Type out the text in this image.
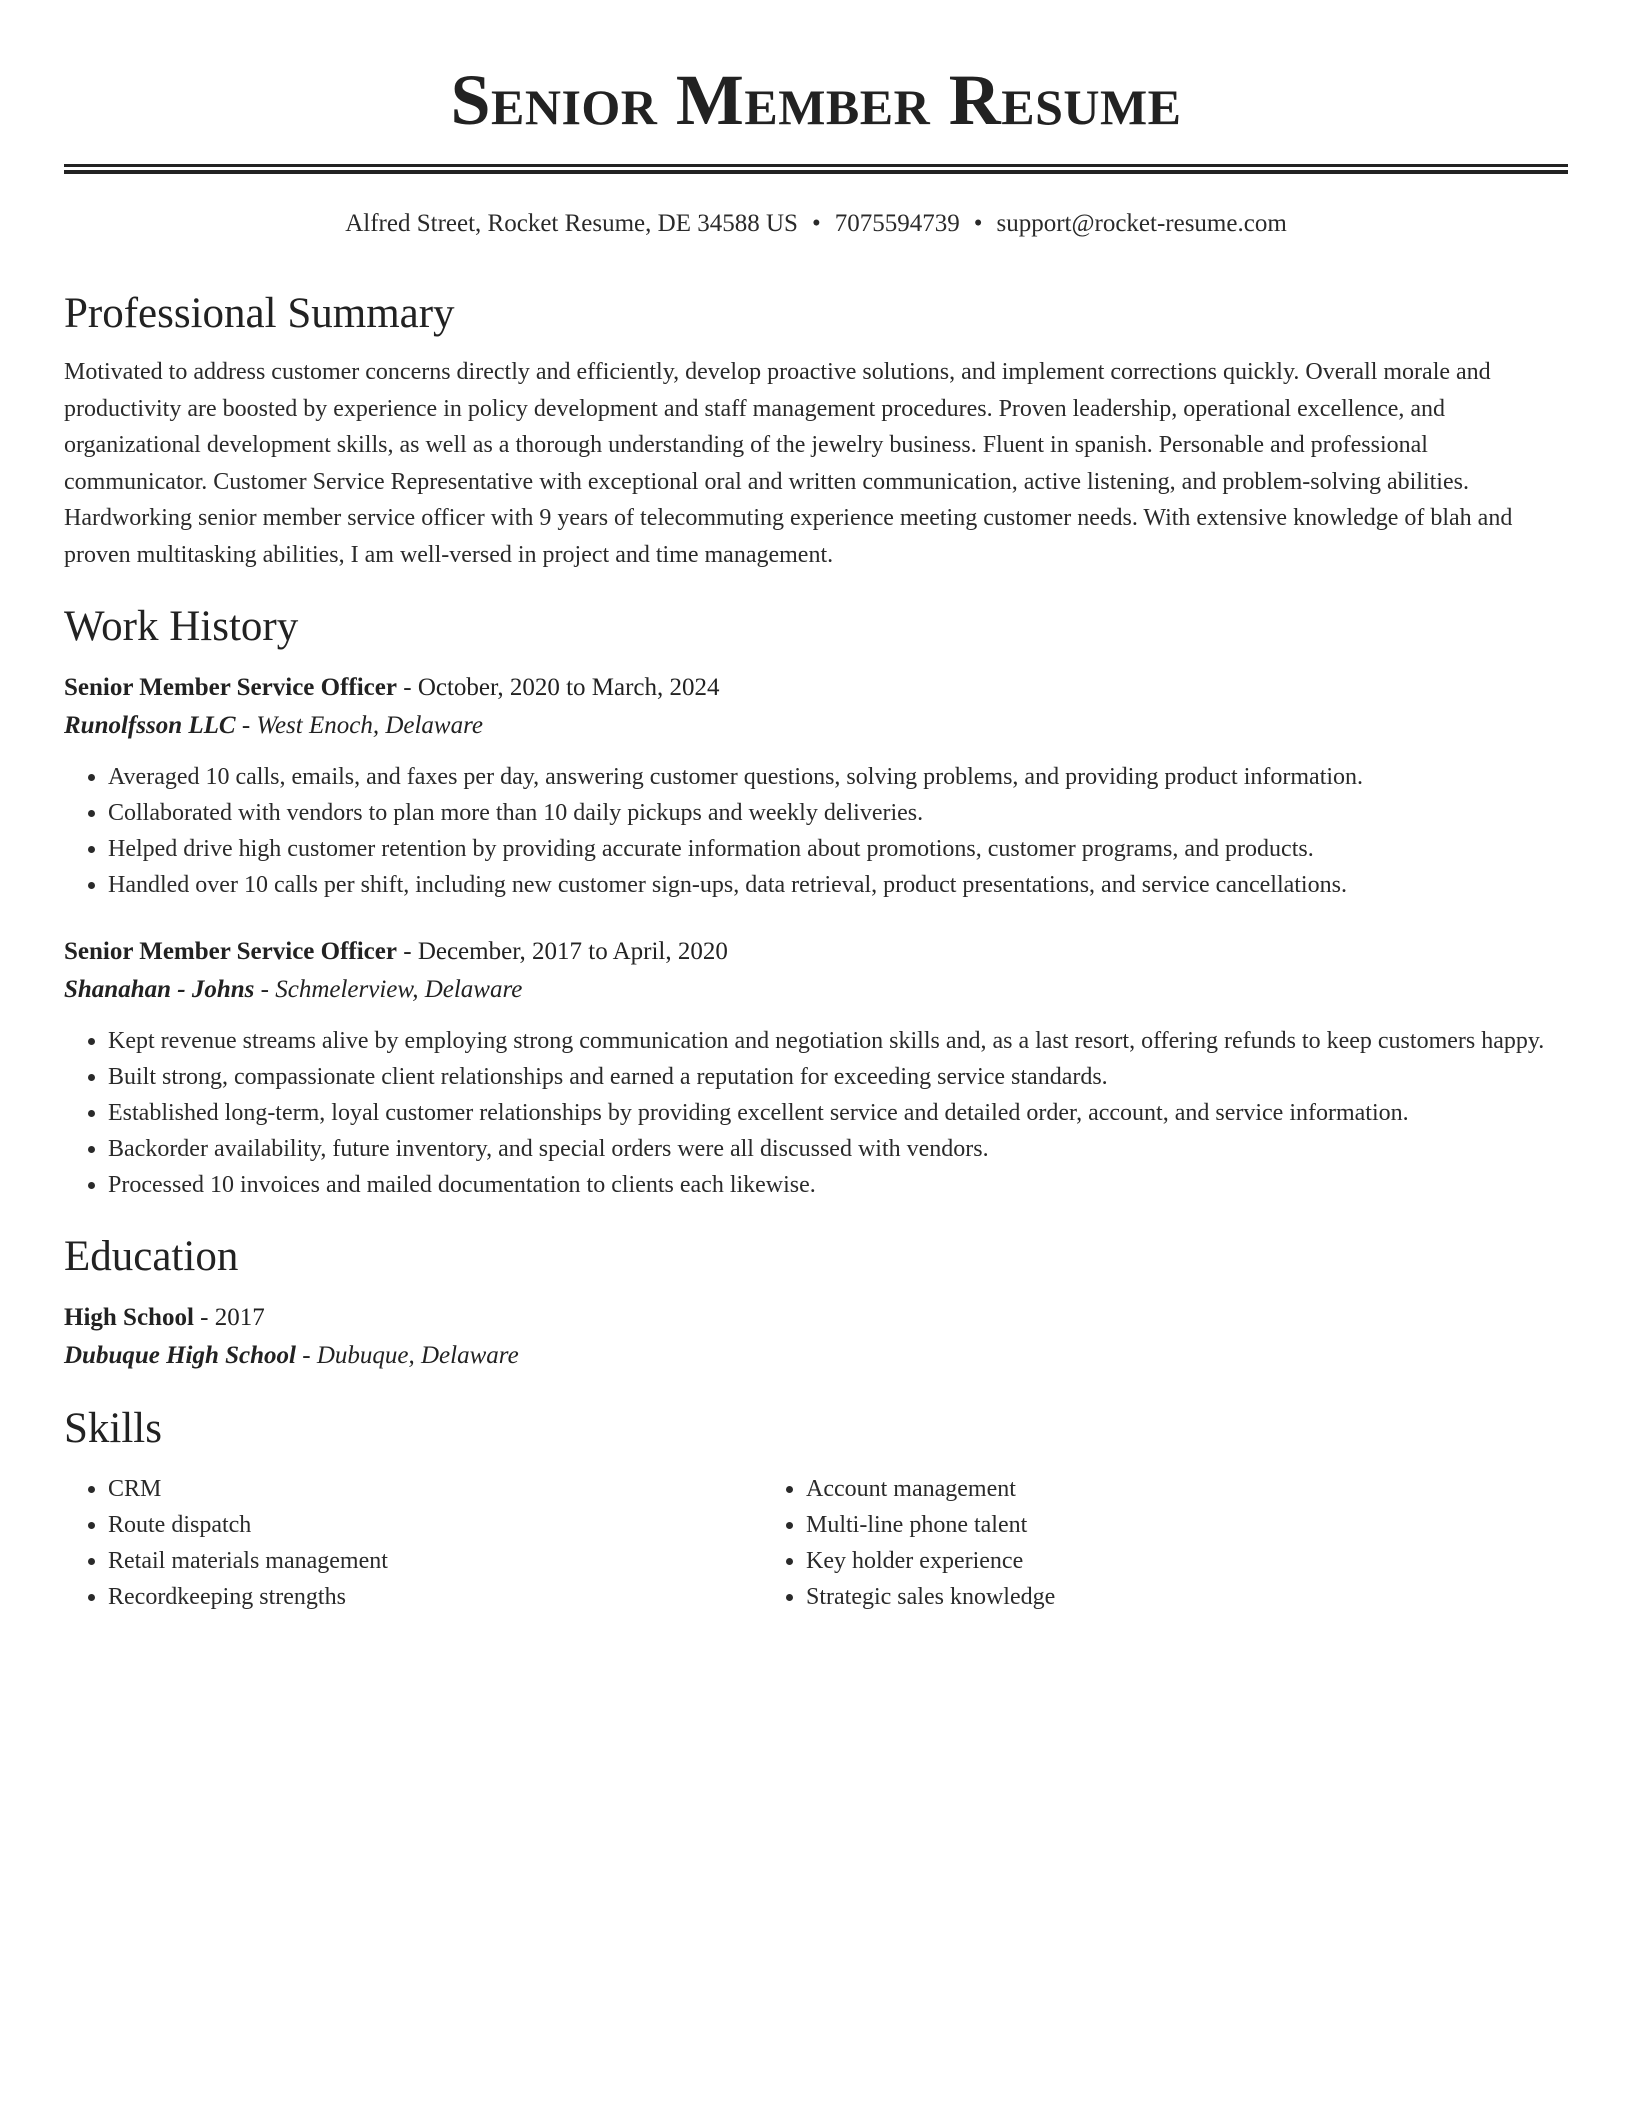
Senior Member Resume
Alfred Street, Rocket Resume, DE 34588 US • 7075594739 • support@rocket-resume.com
Professional Summary
Motivated to address customer concerns directly and efficiently, develop proactive solutions, and implement corrections quickly. Overall morale and productivity are boosted by experience in policy development and staff management procedures. Proven leadership, operational excellence, and organizational development skills, as well as a thorough understanding of the jewelry business. Fluent in spanish. Personable and professional communicator. Customer Service Representative with exceptional oral and written communication, active listening, and problem-solving abilities. Hardworking senior member service officer with 9 years of telecommuting experience meeting customer needs. With extensive knowledge of blah and proven multitasking abilities, I am well-versed in project and time management.
Work History
Senior Member Service Officer - October, 2020 to March, 2024
Runolfsson LLC - West Enoch, Delaware
• Averaged 10 calls, emails, and faxes per day, answering customer questions, solving problems, and providing product information.
• Collaborated with vendors to plan more than 10 daily pickups and weekly deliveries.
• Helped drive high customer retention by providing accurate information about promotions, customer programs, and products.
• Handled over 10 calls per shift, including new customer sign-ups, data retrieval, product presentations, and service cancellations.
Senior Member Service Officer - December, 2017 to April, 2020
Shanahan - Johns - Schmelerview, Delaware
• Kept revenue streams alive by employing strong communication and negotiation skills and, as a last resort, offering refunds to keep customers happy.
• Built strong, compassionate client relationships and earned a reputation for exceeding service standards.
• Established long-term, loyal customer relationships by providing excellent service and detailed order, account, and service information.
• Backorder availability, future inventory, and special orders were all discussed with vendors.
• Processed 10 invoices and mailed documentation to clients each likewise.
Education
High School - 2017
Dubuque High School - Dubuque, Delaware
Skills
• CRM
• Route dispatch
• Retail materials management
• Recordkeeping strengths
• Account management
• Multi-line phone talent
• Key holder experience
• Strategic sales knowledge
